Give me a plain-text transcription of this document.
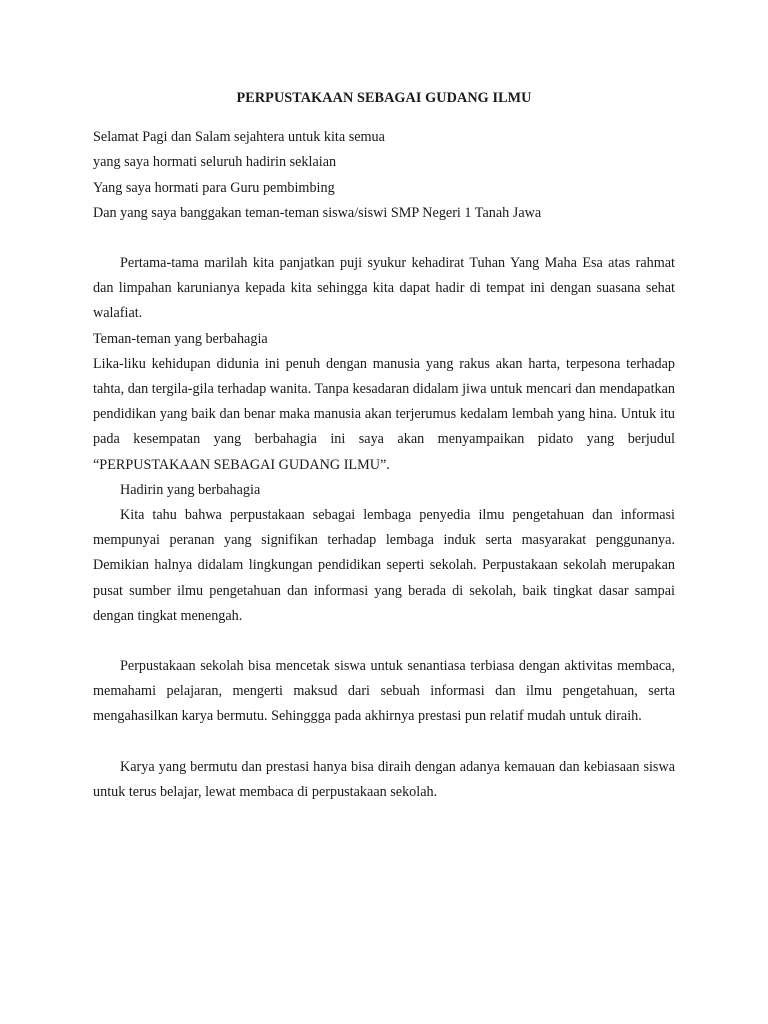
PERPUSTAKAAN SEBAGAI GUDANG ILMU

Selamat Pagi dan Salam sejahtera untuk kita semua
yang saya hormati seluruh hadirin seklaian
Yang saya hormati para Guru pembimbing
Dan yang saya banggakan teman-teman siswa/siswi SMP Negeri 1 Tanah Jawa

Pertama-tama marilah kita panjatkan puji syukur kehadirat Tuhan Yang Maha Esa atas rahmat dan limpahan karunianya kepada kita sehingga kita dapat hadir di tempat ini dengan suasana sehat walafiat.

Teman-teman yang berbahagia

Lika-liku kehidupan didunia ini penuh dengan manusia yang rakus akan harta, terpesona terhadap tahta, dan tergila-gila terhadap wanita. Tanpa kesadaran didalam jiwa untuk mencari dan mendapatkan pendidikan yang baik dan benar maka manusia akan terjerumus kedalam lembah yang hina. Untuk itu pada kesempatan yang berbahagia ini saya akan menyampaikan pidato yang berjudul “PERPUSTAKAAN SEBAGAI GUDANG ILMU”.

Hadirin yang berbahagia

Kita tahu bahwa perpustakaan sebagai lembaga penyedia ilmu pengetahuan dan informasi mempunyai peranan yang signifikan terhadap lembaga induk serta masyarakat penggunanya. Demikian halnya didalam lingkungan pendidikan seperti sekolah. Perpustakaan sekolah merupakan pusat sumber ilmu pengetahuan dan informasi yang berada di sekolah, baik tingkat dasar sampai dengan tingkat menengah.

Perpustakaan sekolah bisa mencetak siswa untuk senantiasa terbiasa dengan aktivitas membaca, memahami pelajaran, mengerti maksud dari sebuah informasi dan ilmu pengetahuan, serta mengahasilkan karya bermutu. Sehinggga pada akhirnya prestasi pun relatif mudah untuk diraih.

Karya yang bermutu dan prestasi hanya bisa diraih dengan adanya kemauan dan kebiasaan siswa untuk terus belajar, lewat membaca di perpustakaan sekolah.
